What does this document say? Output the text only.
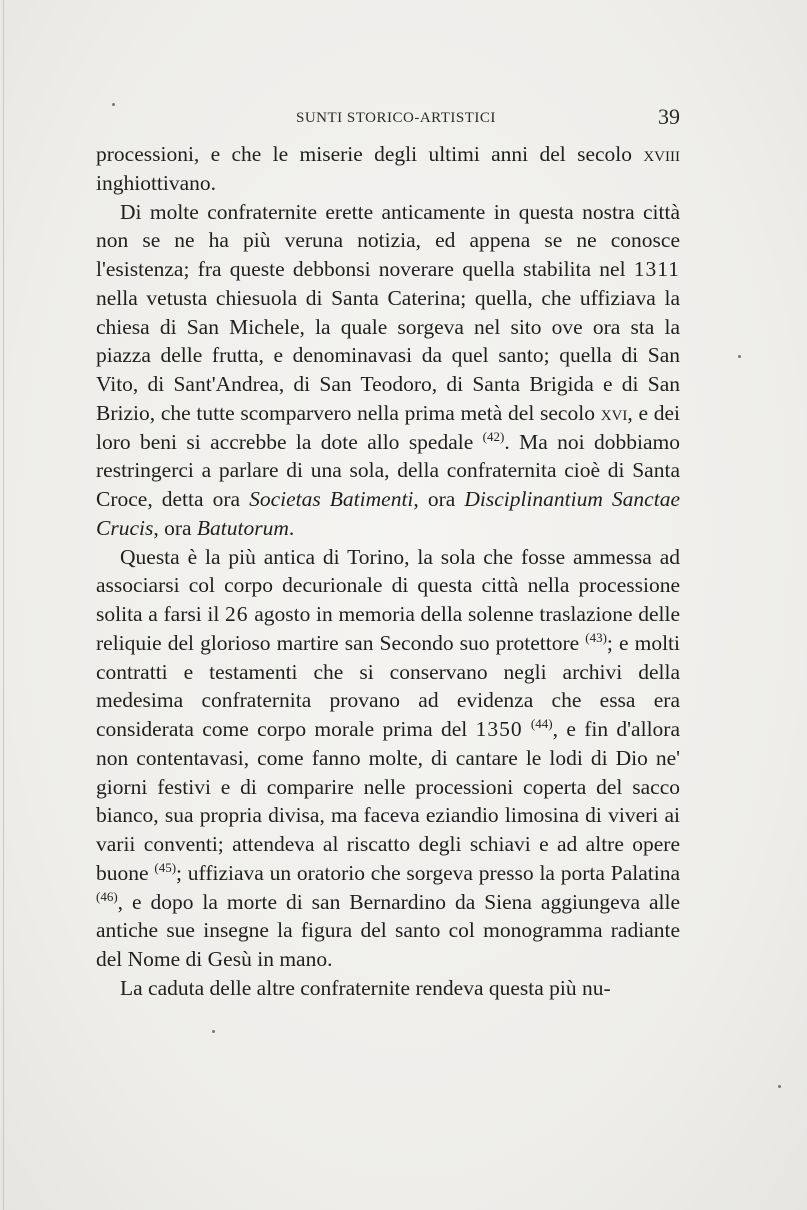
SUNTI STORICO-ARTISTICI	39

processioni, e che le miserie degli ultimi anni del secolo xviii inghiottivano.

Di molte confraternite erette anticamente in questa nostra città non se ne ha più veruna notizia, ed appena se ne conosce l'esistenza; fra queste debbonsi noverare quella stabilita nel 1311 nella vetusta chiesuola di Santa Caterina; quella, che uffiziava la chiesa di San Michele, la quale sorgeva nel sito ove ora sta la piazza delle frutta, e denominavasi da quel santo; quella di San Vito, di Sant'Andrea, di San Teodoro, di Santa Brigida e di San Brizio, che tutte scomparvero nella prima metà del secolo xvi, e dei loro beni si accrebbe la dote allo spedale $^{(42)}$. Ma noi dobbiamo restringerci a parlare di una sola, della confraternita cioè di Santa Croce, detta ora Societas Batimenti, ora Disciplinantium Sanctae Crucis, ora Batutorum.

Questa è la più antica di Torino, la sola che fosse ammessa ad associarsi col corpo decurionale di questa città nella processione solita a farsi il 26 agosto in memoria della solenne traslazione delle reliquie del glorioso martire san Secondo suo protettore $^{(43)}$; e molti contratti e testamenti che si conservano negli archivi della medesima confraternita provano ad evidenza che essa era considerata come corpo morale prima del 1350 $^{(44)}$, e fin d'allora non contentavasi, come fanno molte, di cantare le lodi di Dio ne' giorni festivi e di comparire nelle processioni coperta del sacco bianco, sua propria divisa, ma faceva eziandio limosina di viveri ai varii conventi; attendeva al riscatto degli schiavi e ad altre opere buone $^{(45)}$; uffiziava un oratorio che sorgeva presso la porta Palatina $^{(46)}$, e dopo la morte di san Bernardino da Siena aggiungeva alle antiche sue insegne la figura del santo col monogramma radiante del Nome di Gesù in mano.

La caduta delle altre confraternite rendeva questa più nu-
